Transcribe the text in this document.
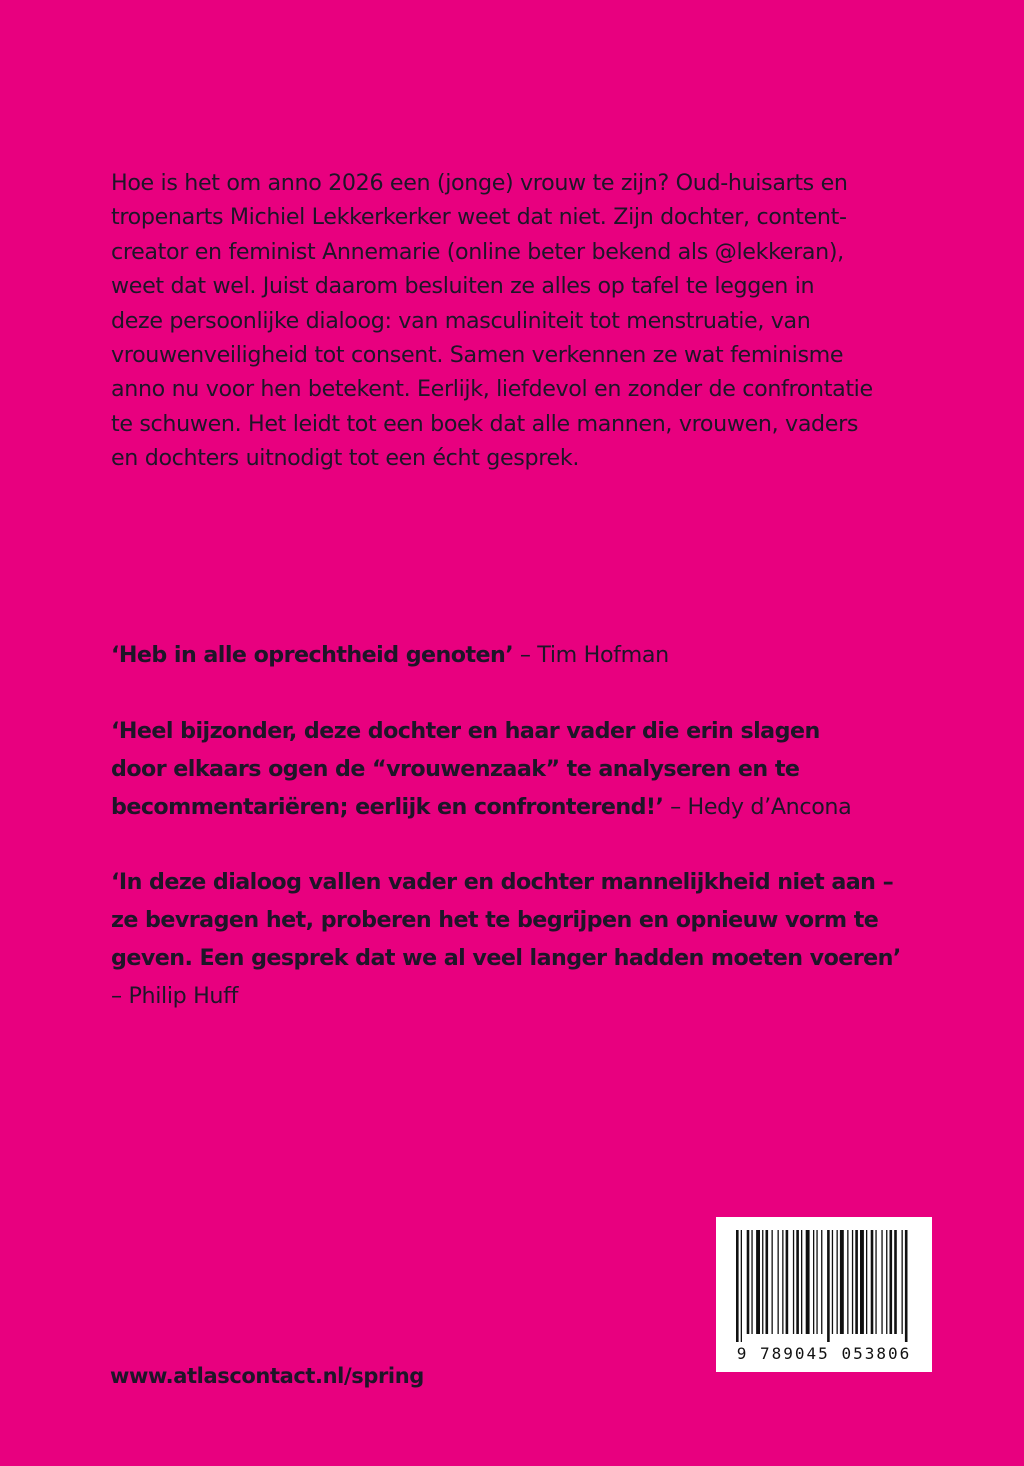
Hoe is het om anno 2026 een (jonge) vrouw te zijn? Oud-huisarts en
tropenarts Michiel Lekkerkerker weet dat niet. Zijn dochter, content-
creator en feminist Annemarie (online beter bekend als @lekkeran),
weet dat wel. Juist daarom besluiten ze alles op tafel te leggen in
deze persoonlijke dialoog: van masculiniteit tot menstruatie, van
vrouwenveiligheid tot consent. Samen verkennen ze wat feminisme
anno nu voor hen betekent. Eerlijk, liefdevol en zonder de confrontatie
te schuwen. Het leidt tot een boek dat alle mannen, vrouwen, vaders
en dochters uitnodigt tot een écht gesprek.
‘Heb in alle oprechtheid genoten’ – Tim Hofman
‘Heel bijzonder, deze dochter en haar vader die erin slagen
door elkaars ogen de “vrouwenzaak” te analyseren en te
becommentariëren; eerlijk en confronterend!’ – Hedy d’Ancona
‘In deze dialoog vallen vader en dochter mannelijkheid niet aan –
ze bevragen het, proberen het te begrijpen en opnieuw vorm te
geven. Een gesprek dat we al veel langer hadden moeten voeren’
– Philip Huff
www.atlascontact.nl/spring
9 789045 053806
